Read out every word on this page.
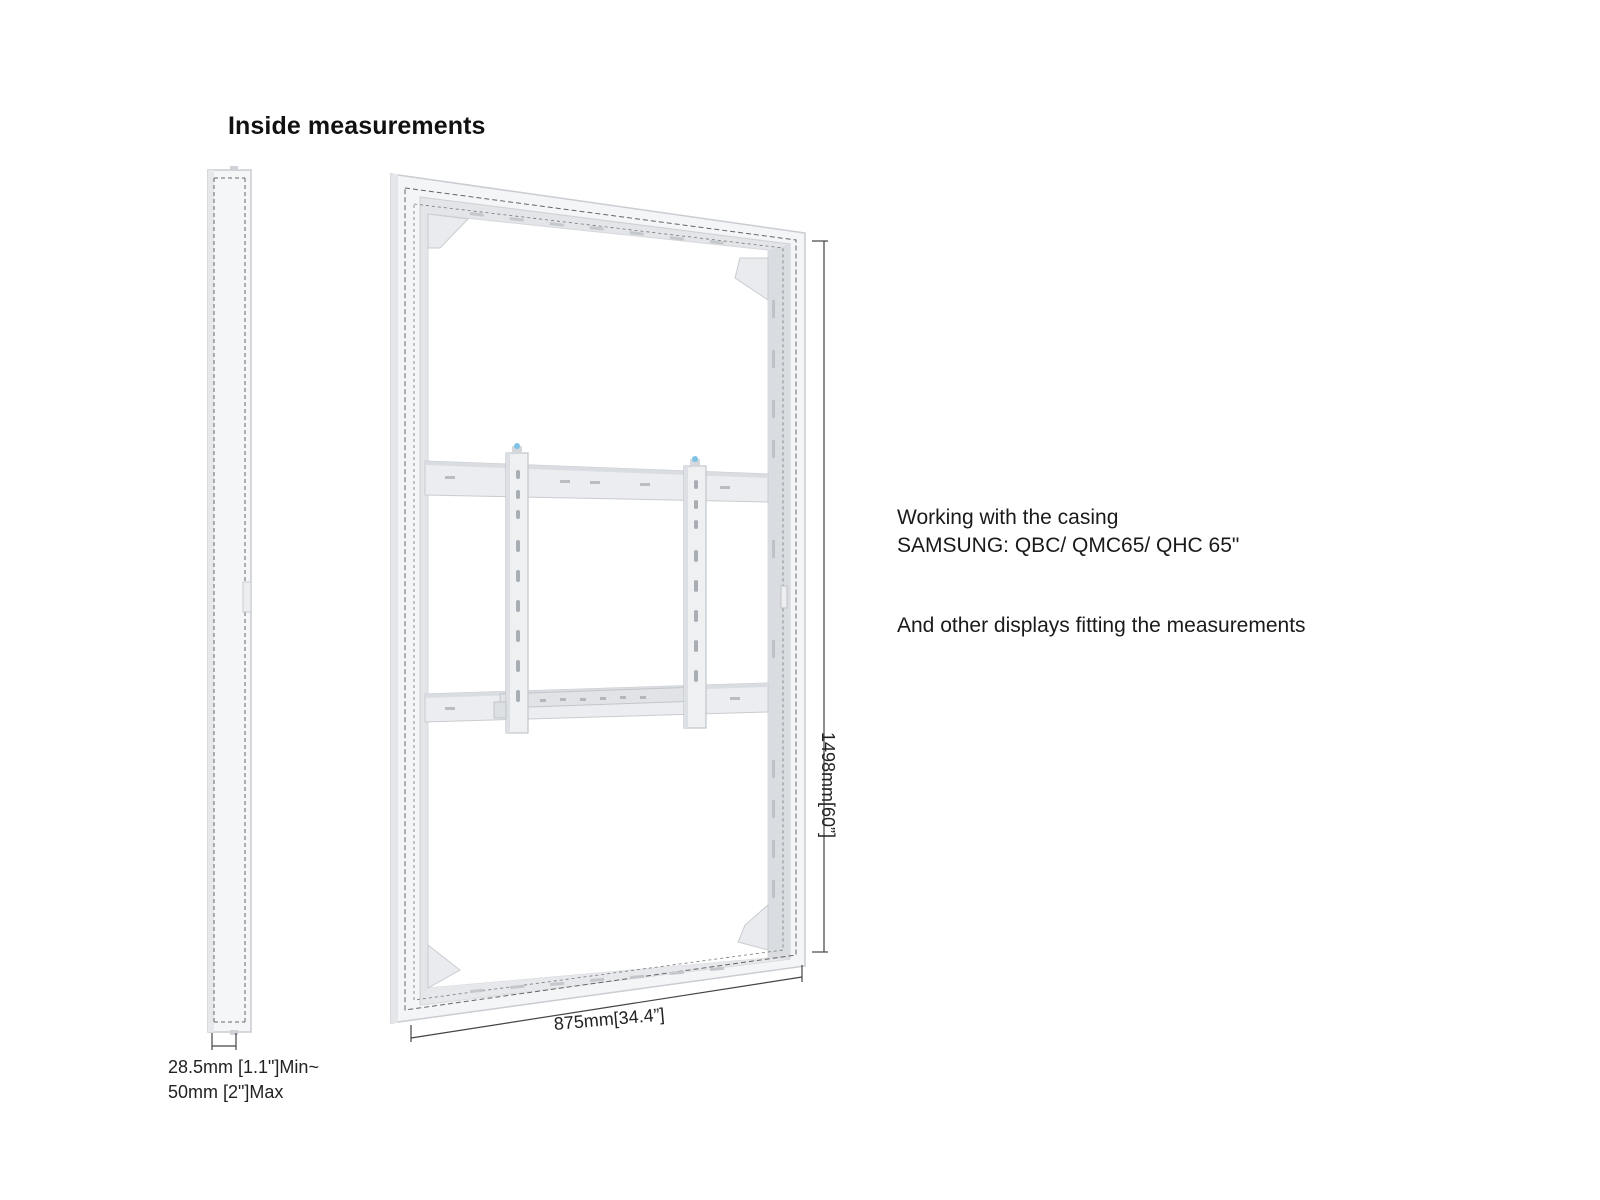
Inside measurements
28.5mm [1.1"]Min~
50mm [2"]Max
875mm[34.4”]
1498mm[60”]
Working with the casing
SAMSUNG: QBC/ QMC65/ QHC 65"
And other displays fitting the measurements
